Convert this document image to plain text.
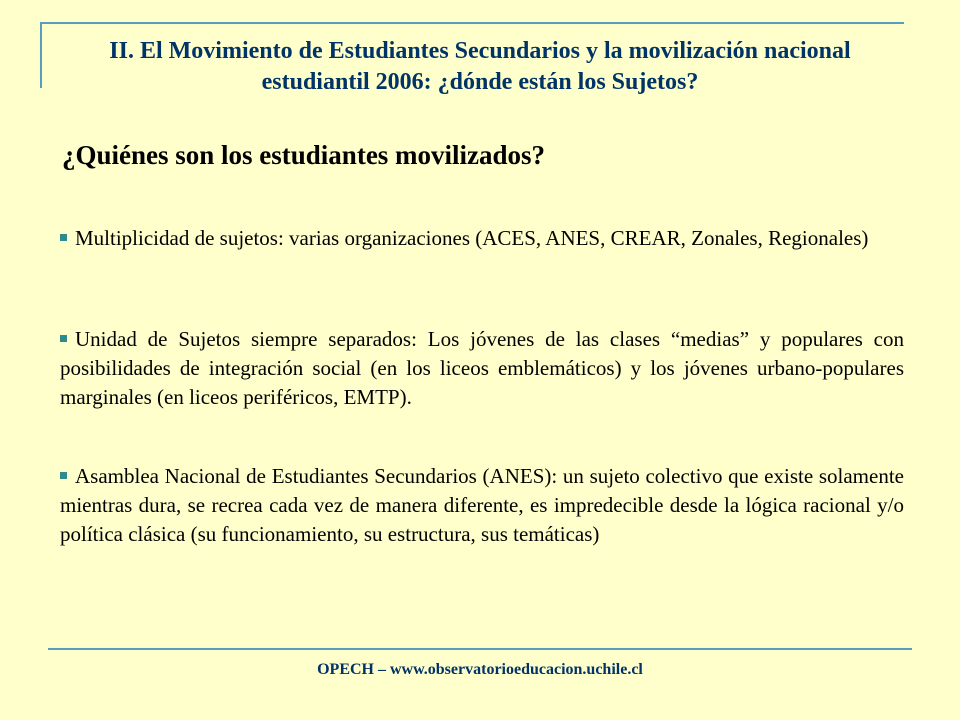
II. El Movimiento de Estudiantes Secundarios y la movilización nacional estudiantil 2006: ¿dónde están los Sujetos?
¿Quiénes son los estudiantes movilizados?

Multiplicidad de sujetos: varias organizaciones (ACES, ANES, CREAR, Zonales, Regionales)

Unidad de Sujetos siempre separados: Los jóvenes de las clases “medias” y populares con posibilidades de integración social (en los liceos emblemáticos) y los jóvenes urbano-populares marginales (en liceos periféricos, EMTP).

Asamblea Nacional de Estudiantes Secundarios (ANES): un sujeto colectivo que existe solamente mientras dura, se recrea cada vez de manera diferente, es impredecible desde la lógica racional y/o política clásica (su funcionamiento, su estructura, sus temáticas)

OPECH – www.observatorioeducacion.uchile.cl
